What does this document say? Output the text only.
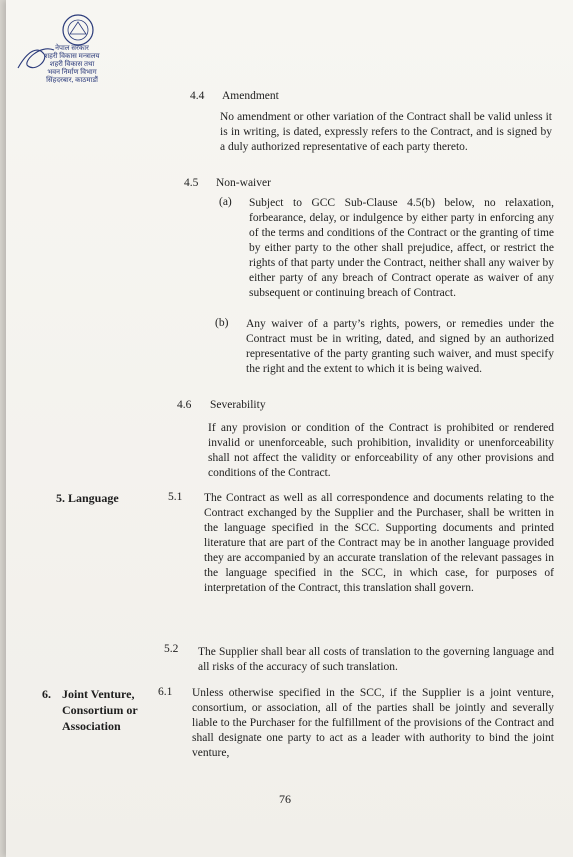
नेपाल सरकार
शहरी विकास मन्त्रालय
शहरी विकास तथा
भवन निर्माण विभाग
सिंहदरबार, काठमाडौं
4.4 Amendment
No amendment or other variation of the Contract shall be valid unless it is in writing, is dated, expressly refers to the Contract, and is signed by a duly authorized representative of each party thereto.
4.5 Non-waiver
(a) Subject to GCC Sub-Clause 4.5(b) below, no relaxation, forbearance, delay, or indulgence by either party in enforcing any of the terms and conditions of the Contract or the granting of time by either party to the other shall prejudice, affect, or restrict the rights of that party under the Contract, neither shall any waiver by either party of any breach of Contract operate as waiver of any subsequent or continuing breach of Contract.
(b) Any waiver of a party’s rights, powers, or remedies under the Contract must be in writing, dated, and signed by an authorized representative of the party granting such waiver, and must specify the right and the extent to which it is being waived.
4.6 Severability
If any provision or condition of the Contract is prohibited or rendered invalid or unenforceable, such prohibition, invalidity or unenforceability shall not affect the validity or enforceability of any other provisions and conditions of the Contract.
5. Language	5.1 The Contract as well as all correspondence and documents relating to the Contract exchanged by the Supplier and the Purchaser, shall be written in the language specified in the SCC. Supporting documents and printed literature that are part of the Contract may be in another language provided they are accompanied by an accurate translation of the relevant passages in the language specified in the SCC, in which case, for purposes of interpretation of the Contract, this translation shall govern.
5.2 The Supplier shall bear all costs of translation to the governing language and all risks of the accuracy of such translation.
6. Joint Venture,
Consortium or
Association
6.1 Unless otherwise specified in the SCC, if the Supplier is a joint venture, consortium, or association, all of the parties shall be jointly and severally liable to the Purchaser for the fulfillment of the provisions of the Contract and shall designate one party to act as a leader with authority to bind the joint venture,
76
